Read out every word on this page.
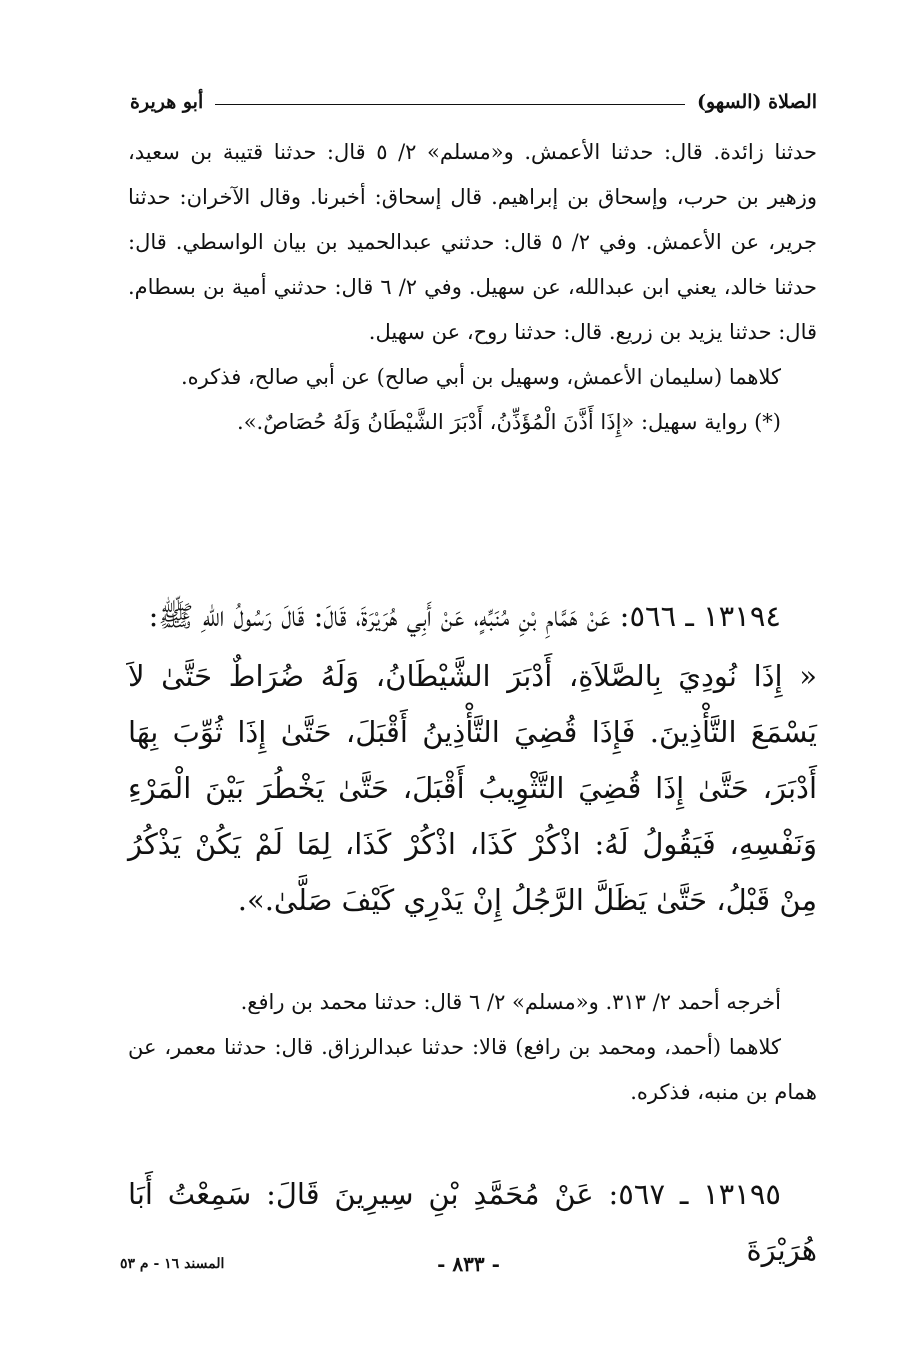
الصلاة (السهو)
أبو هريرة

حدثنا زائدة. قال: حدثنا الأعمش. و«مسلم» ٢/ ٥ قال: حدثنا قتيبة بن سعيد، وزهير بن حرب، وإسحاق بن إبراهيم. قال إسحاق: أخبرنا. وقال الآخران: حدثنا جرير، عن الأعمش. وفي ٢/ ٥ قال: حدثني عبدالحميد بن بيان الواسطي. قال: حدثنا خالد، يعني ابن عبدالله، عن سهيل. وفي ٢/ ٦ قال: حدثني أمية بن بسطام. قال: حدثنا يزيد بن زريع. قال: حدثنا روح، عن سهيل.

كلاهما (سليمان الأعمش، وسهيل بن أبي صالح) عن أبي صالح، فذكره.

(*) رواية سهيل: «إِذَا أَذَّنَ الْمُؤَذِّنُ، أَدْبَرَ الشَّيْطَانُ وَلَهُ حُصَاصٌ.».

١٣١٩٤ ـ ٥٦٦: عَنْ هَمَّامِ بْنِ مُنَبِّهٍ، عَنْ أَبِي هُرَيْرَةَ، قَالَ: قَالَ رَسُولُ اللهِ ﷺ:

« إِذَا نُودِيَ بِالصَّلاَةِ، أَدْبَرَ الشَّيْطَانُ، وَلَهُ ضُرَاطٌ حَتَّىٰ لاَ يَسْمَعَ التَّأْذِينَ. فَإِذَا قُضِيَ التَّأْذِينُ أَقْبَلَ، حَتَّىٰ إِذَا ثُوِّبَ بِهَا أَدْبَرَ، حَتَّىٰ إِذَا قُضِيَ التَّثْوِيبُ أَقْبَلَ، حَتَّىٰ يَخْطُرَ بَيْنَ الْمَرْءِ وَنَفْسِهِ، فَيَقُولُ لَهُ: اذْكُرْ كَذَا، اذْكُرْ كَذَا، لِمَا لَمْ يَكُنْ يَذْكُرُ مِنْ قَبْلُ، حَتَّىٰ يَظَلَّ الرَّجُلُ إِنْ يَدْرِي كَيْفَ صَلَّىٰ.».

أخرجه أحمد ٢/ ٣١٣. و«مسلم» ٢/ ٦ قال: حدثنا محمد بن رافع.

كلاهما (أحمد، ومحمد بن رافع) قالا: حدثنا عبدالرزاق. قال: حدثنا معمر، عن همام بن منبه، فذكره.

١٣١٩٥ ـ ٥٦٧: عَنْ مُحَمَّدِ بْنِ سِيرِينَ قَالَ: سَمِعْتُ أَبَا هُرَيْرَةَ

- ٨٣٣ -
المسند ١٦ - م ٥٣
